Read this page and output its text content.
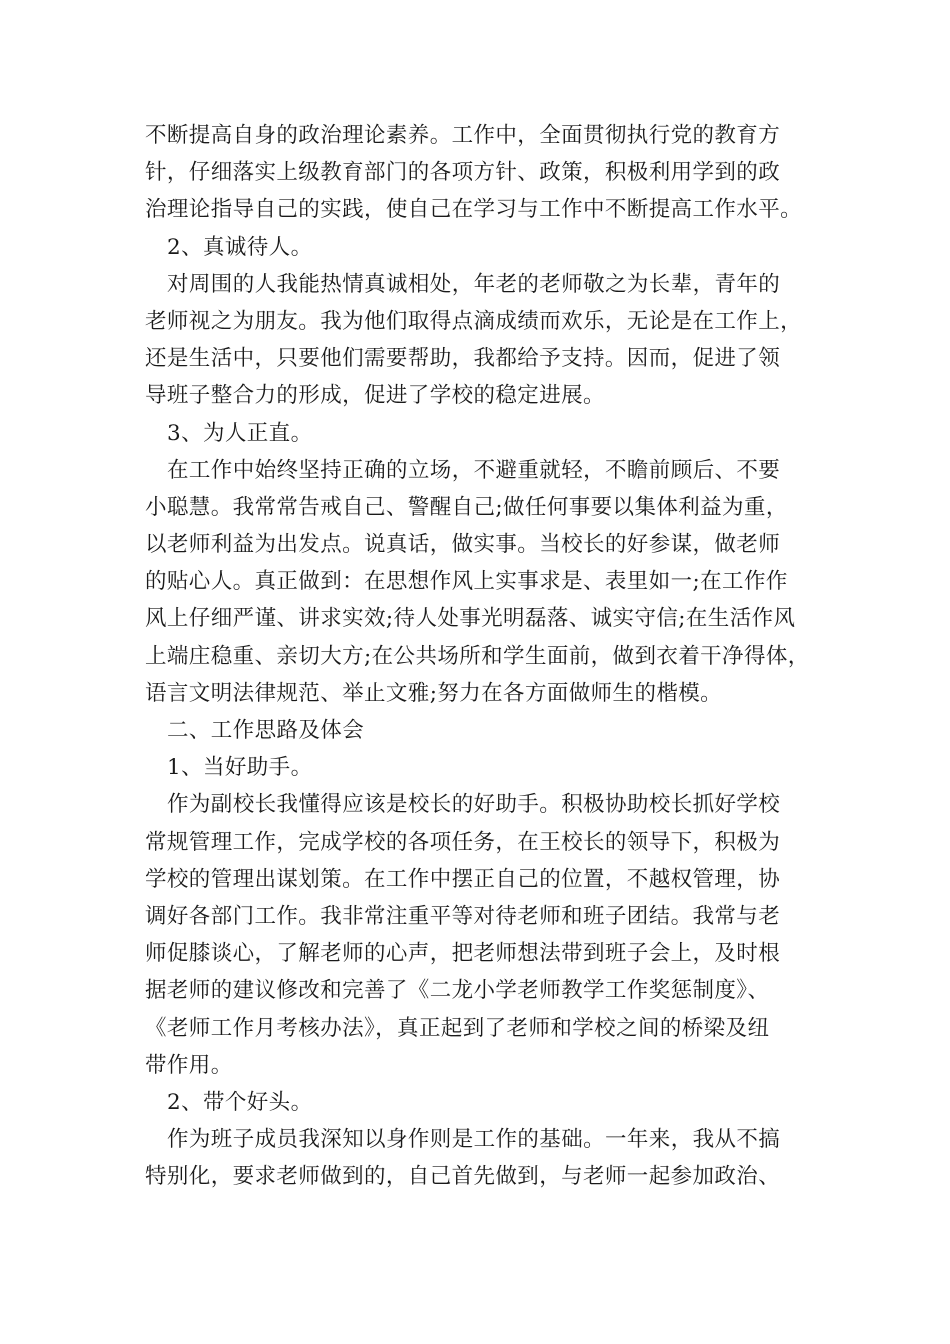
不断提高自身的政治理论素养。工作中，全面贯彻执行党的教育方
针，仔细落实上级教育部门的各项方针、政策，积极利用学到的政
治理论指导自己的实践，使自己在学习与工作中不断提高工作水平。
2、真诚待人。
对周围的人我能热情真诚相处，年老的老师敬之为长辈，青年的
老师视之为朋友。我为他们取得点滴成绩而欢乐，无论是在工作上，
还是生活中，只要他们需要帮助，我都给予支持。因而，促进了领
导班子整合力的形成，促进了学校的稳定进展。
3、为人正直。
在工作中始终坚持正确的立场，不避重就轻，不瞻前顾后、不要
小聪慧。我常常告戒自己、警醒自己;做任何事要以集体利益为重，
以老师利益为出发点。说真话，做实事。当校长的好参谋，做老师
的贴心人。真正做到：在思想作风上实事求是、表里如一;在工作作
风上仔细严谨、讲求实效;待人处事光明磊落、诚实守信;在生活作风
上端庄稳重、亲切大方;在公共场所和学生面前，做到衣着干净得体，
语言文明法律规范、举止文雅;努力在各方面做师生的楷模。
二、工作思路及体会
1、当好助手。
作为副校长我懂得应该是校长的好助手。积极协助校长抓好学校
常规管理工作，完成学校的各项任务，在王校长的领导下，积极为
学校的管理出谋划策。在工作中摆正自己的位置，不越权管理，协
调好各部门工作。我非常注重平等对待老师和班子团结。我常与老
师促膝谈心，了解老师的心声，把老师想法带到班子会上，及时根
据老师的建议修改和完善了《二龙小学老师教学工作奖惩制度》、
《老师工作月考核办法》，真正起到了老师和学校之间的桥梁及纽
带作用。
2、带个好头。
作为班子成员我深知以身作则是工作的基础。一年来，我从不搞
特别化，要求老师做到的，自己首先做到，与老师一起参加政治、
